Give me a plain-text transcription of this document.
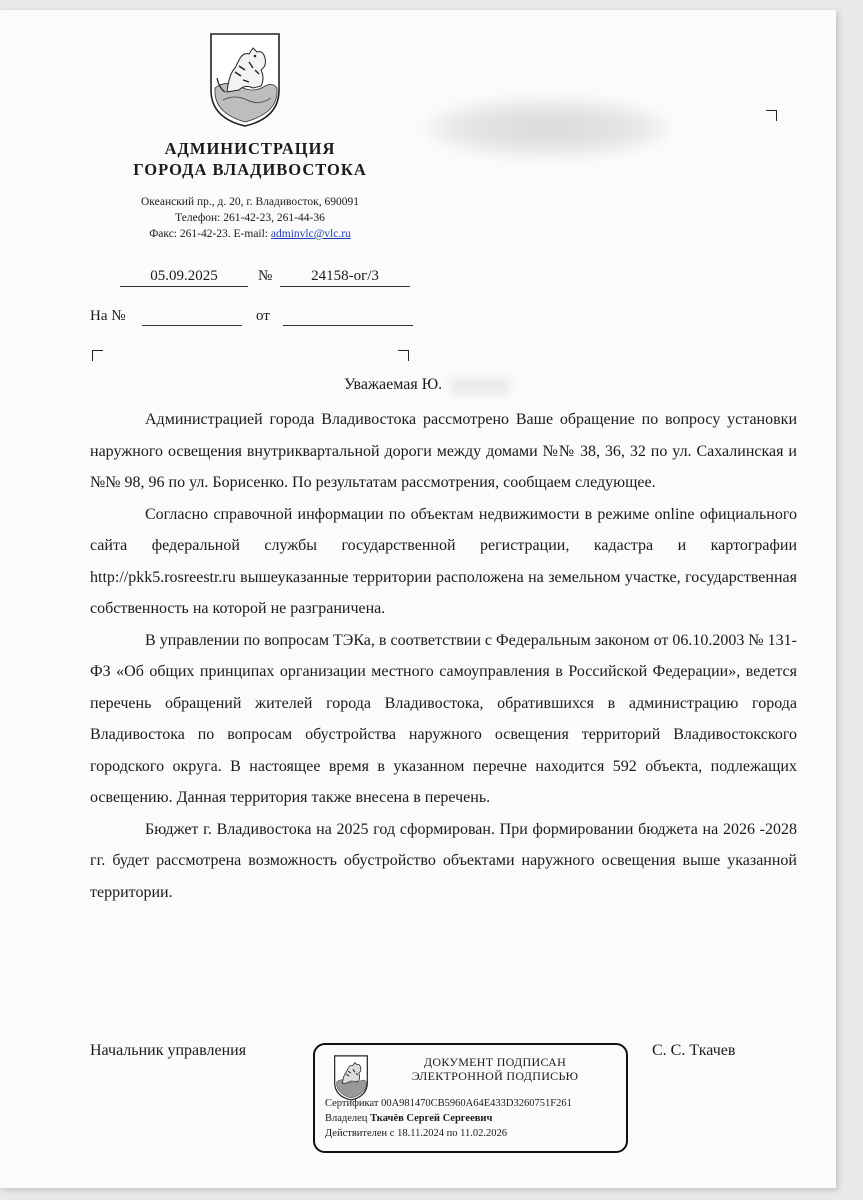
АДМИНИСТРАЦИЯ
ГОРОДА ВЛАДИВОСТОКА
Океанский пр., д. 20, г. Владивосток, 690091
Телефон: 261-42-23, 261-44-36
Факс: 261-42-23. E-mail: adminvlc@vlc.ru
05.09.2025	№	24158-ог/3
На №	от
Уважаемая Ю.

Администрацией города Владивостока рассмотрено Ваше обращение по вопросу установки наружного освещения внутриквартальной дороги между домами №№ 38, 36, 32 по ул. Сахалинская и №№ 98, 96 по ул. Борисенко. По результатам рассмотрения, сообщаем следующее.

Согласно справочной информации по объектам недвижимости в режиме online официального сайта федеральной службы государственной регистрации, кадастра и картографии http://pkk5.rosreestr.ru вышеуказанные территории расположена на земельном участке, государственная собственность на которой не разграничена.

В управлении по вопросам ТЭКа, в соответствии с Федеральным законом от 06.10.2003 № 131-ФЗ «Об общих принципах организации местного самоуправления в Российской Федерации», ведется перечень обращений жителей города Владивостока, обратившихся в администрацию города Владивостока по вопросам обустройства наружного освещения территорий Владивостокского городского округа. В настоящее время в указанном перечне находится 592 объекта, подлежащих освещению. Данная территория также внесена в перечень.

Бюджет г. Владивостока на 2025 год сформирован. При формировании бюджета на 2026 -2028 гг. будет рассмотрена возможность обустройство объектами наружного освещения выше указанной территории.

Начальник управления	С. С. Ткачев
ДОКУМЕНТ ПОДПИСАН
ЭЛЕКТРОННОЙ ПОДПИСЬЮ
Сертификат 00A981470CB5960A64E433D3260751F261
Владелец Ткачёв Сергей Сергеевич
Действителен с 18.11.2024 по 11.02.2026
